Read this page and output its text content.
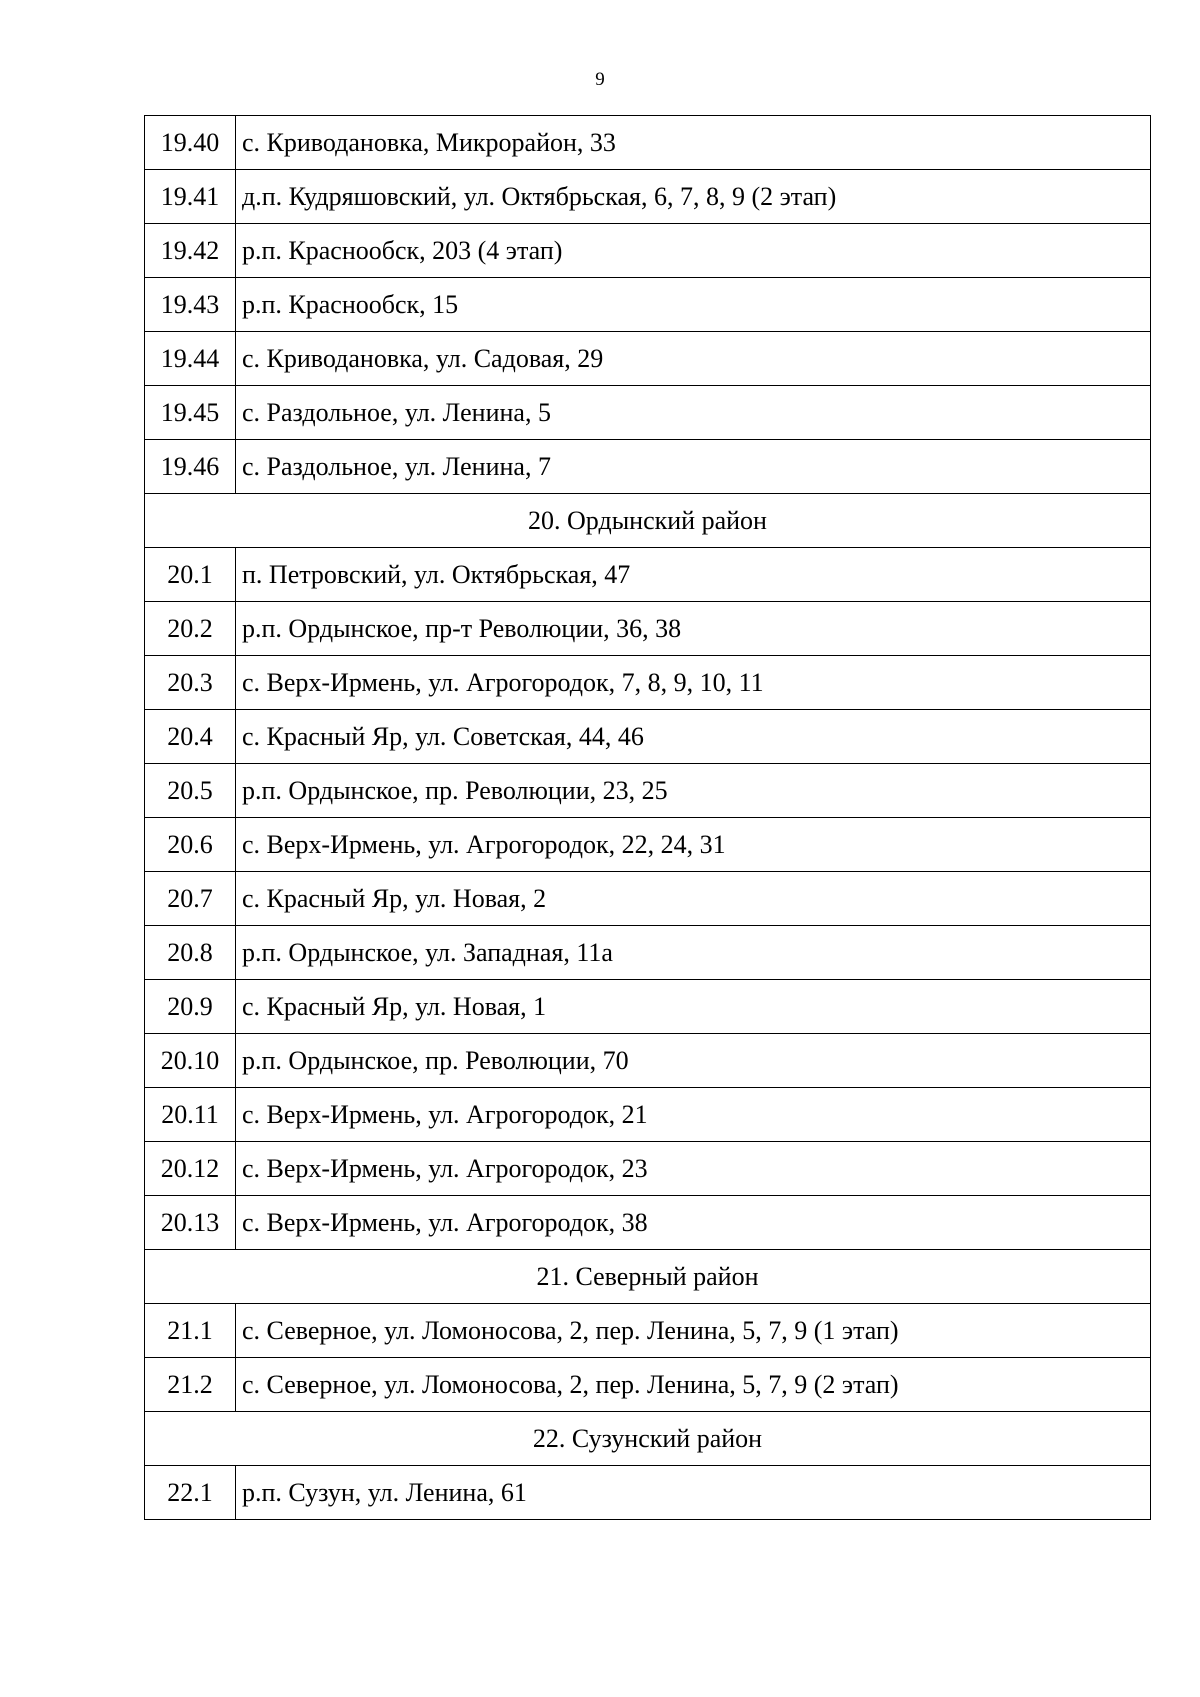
9
19.40	с. Криводановка, Микрорайон, 33
19.41	д.п. Кудряшовский, ул. Октябрьская, 6, 7, 8, 9 (2 этап)
19.42	р.п. Краснообск, 203 (4 этап)
19.43	р.п. Краснообск, 15
19.44	с. Криводановка, ул. Садовая, 29
19.45	с. Раздольное, ул. Ленина, 5
19.46	с. Раздольное, ул. Ленина, 7
20. Ордынский район	
20.1	п. Петровский, ул. Октябрьская, 47
20.2	р.п. Ордынское, пр-т Революции, 36, 38
20.3	с. Верх-Ирмень, ул. Агрогородок, 7, 8, 9, 10, 11
20.4	с. Красный Яр, ул. Советская, 44, 46
20.5	р.п. Ордынское, пр. Революции, 23, 25
20.6	с. Верх-Ирмень, ул. Агрогородок, 22, 24, 31
20.7	с. Красный Яр, ул. Новая, 2
20.8	р.п. Ордынское, ул. Западная, 11а
20.9	с. Красный Яр, ул. Новая, 1
20.10	р.п. Ордынское, пр. Революции, 70
20.11	с. Верх-Ирмень, ул. Агрогородок, 21
20.12	с. Верх-Ирмень, ул. Агрогородок, 23
20.13	с. Верх-Ирмень, ул. Агрогородок, 38
21. Северный район	
21.1	с. Северное, ул. Ломоносова, 2, пер. Ленина, 5, 7, 9 (1 этап)
21.2	с. Северное, ул. Ломоносова, 2, пер. Ленина, 5, 7, 9 (2 этап)
22. Сузунский район	
22.1	р.п. Сузун, ул. Ленина, 61
